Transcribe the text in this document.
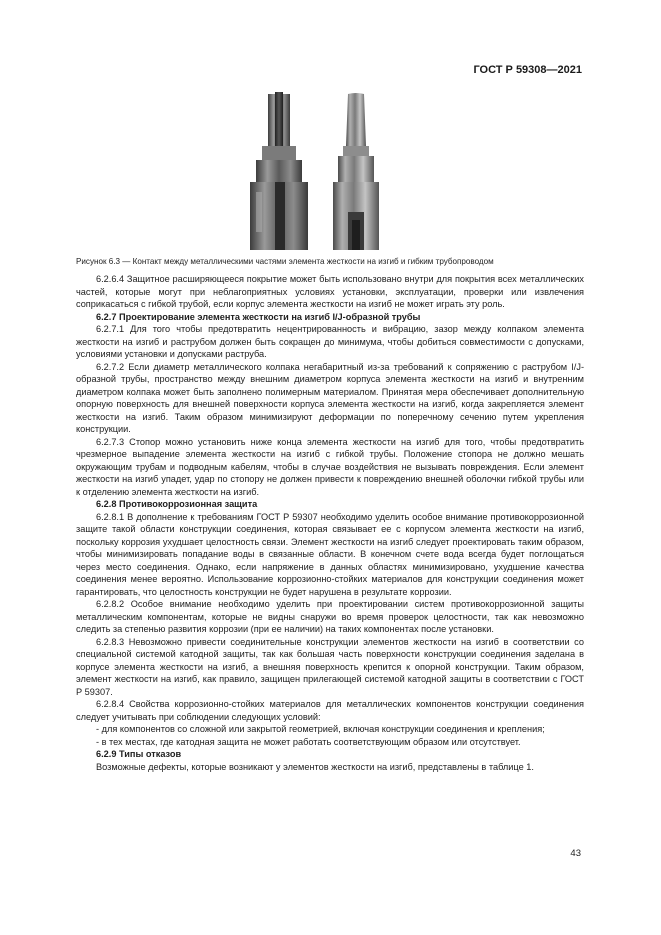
ГОСТ Р 59308—2021
Рисунок 6.3 — Контакт между металлическими частями элемента жесткости на изгиб и гибким трубопроводом

6.2.6.4 Защитное расширяющееся покрытие может быть использовано внутри для покрытия всех металлических частей, которые могут при неблагоприятных условиях установки, эксплуатации, проверки или извлечения соприкасаться с гибкой трубой, если корпус элемента жесткости на изгиб не может играть эту роль.

6.2.7 Проектирование элемента жесткости на изгиб I/J-образной трубы

6.2.7.1 Для того чтобы предотвратить нецентрированность и вибрацию, зазор между колпаком элемента жесткости на изгиб и раструбом должен быть сокращен до минимума, чтобы добиться совместимости с допусками, условиями установки и допусками раструба.

6.2.7.2 Если диаметр металлического колпака негабаритный из-за требований к сопряжению с раструбом I/J-образной трубы, пространство между внешним диаметром корпуса элемента жесткости на изгиб и внутренним диаметром колпака может быть заполнено полимерным материалом. Принятая мера обеспечивает дополнительную опорную поверхность для внешней поверхности корпуса элемента жесткости на изгиб, когда закрепляется элемент жесткости на изгиб. Таким образом минимизируют деформации по поперечному сечению путем укрепления конструкции.

6.2.7.3 Стопор можно установить ниже конца элемента жесткости на изгиб для того, чтобы предотвратить чрезмерное выпадение элемента жесткости на изгиб с гибкой трубы. Положение стопора не должно мешать окружающим трубам и подводным кабелям, чтобы в случае воздействия не вызывать повреждения. Если элемент жесткости на изгиб упадет, удар по стопору не должен привести к повреждению внешней оболочки гибкой трубы или к отделению элемента жесткости на изгиб.

6.2.8 Противокоррозионная защита

6.2.8.1 В дополнение к требованиям ГОСТ Р 59307 необходимо уделить особое внимание противокоррозионной защите такой области конструкции соединения, которая связывает ее с корпусом элемента жесткости на изгиб, поскольку коррозия ухудшает целостность связи. Элемент жесткости на изгиб следует проектировать таким образом, чтобы минимизировать попадание воды в связанные области. В конечном счете вода всегда будет поглощаться через место соединения. Однако, если напряжение в данных областях минимизировано, ухудшение качества соединения менее вероятно. Использование коррозионно-стойких материалов для конструкции соединения может гарантировать, что целостность конструкции не будет нарушена в результате коррозии.

6.2.8.2 Особое внимание необходимо уделить при проектировании систем противокоррозионной защиты металлическим компонентам, которые не видны снаружи во время проверок целостности, так как невозможно следить за степенью развития коррозии (при ее наличии) на таких компонентах после установки.

6.2.8.3 Невозможно привести соединительные конструкции элементов жесткости на изгиб в соответствии со специальной системой катодной защиты, так как большая часть поверхности конструкции соединения заделана в корпусе элемента жесткости на изгиб, а внешняя поверхность крепится к опорной конструкции. Таким образом, элемент жесткости на изгиб, как правило, защищен прилегающей системой катодной защиты в соответствии с ГОСТ Р 59307.

6.2.8.4 Свойства коррозионно-стойких материалов для металлических компонентов конструкции соединения следует учитывать при соблюдении следующих условий:

- для компонентов со сложной или закрытой геометрией, включая конструкции соединения и крепления;

- в тех местах, где катодная защита не может работать соответствующим образом или отсутствует.

6.2.9 Типы отказов

Возможные дефекты, которые возникают у элементов жесткости на изгиб, представлены в таблице 1.

43
